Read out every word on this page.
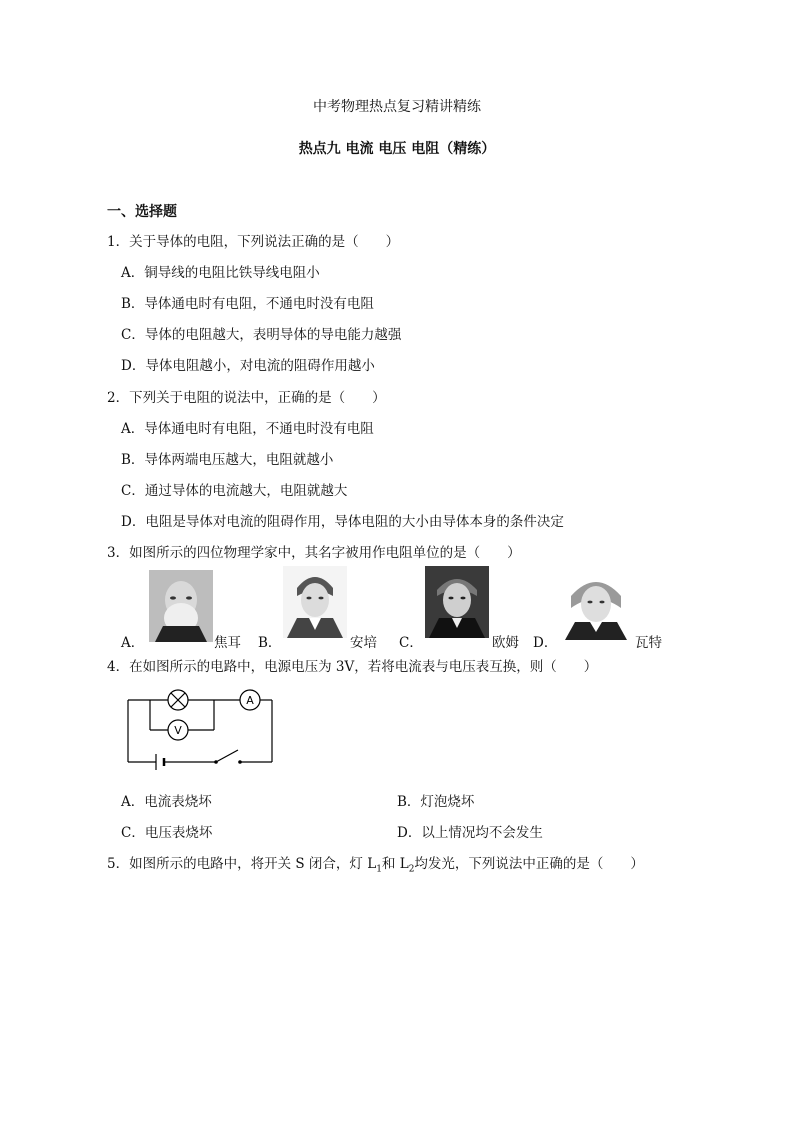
中考物理热点复习精讲精练
热点九 电流 电压 电阻（精练）
一、选择题
1．关于导体的电阻，下列说法正确的是（　　）
A．铜导线的电阻比铁导线电阻小
B．导体通电时有电阻，不通电时没有电阻
C．导体的电阻越大，表明导体的导电能力越强
D．导体电阻越小，对电流的阻碍作用越小
2．下列关于电阻的说法中，正确的是（　　）
A．导体通电时有电阻，不通电时没有电阻
B．导体两端电压越大，电阻就越小
C．通过导体的电流越大，电阻就越大
D．电阻是导体对电流的阻碍作用，导体电阻的大小由导体本身的条件决定
3．如图所示的四位物理学家中，其名字被用作电阻单位的是（　　）
A．	焦耳 B．	安培 C．	欧姆 D．	瓦特
4．在如图所示的电路中，电源电压为 3V，若将电流表与电压表互换，则（　　）
A
V
A．电流表烧坏	B．灯泡烧坏
C．电压表烧坏	D．以上情况均不会发生
5．如图所示的电路中，将开关 S 闭合，灯 $L_1$和 $L_2$均发光，下列说法中正确的是（　　）
